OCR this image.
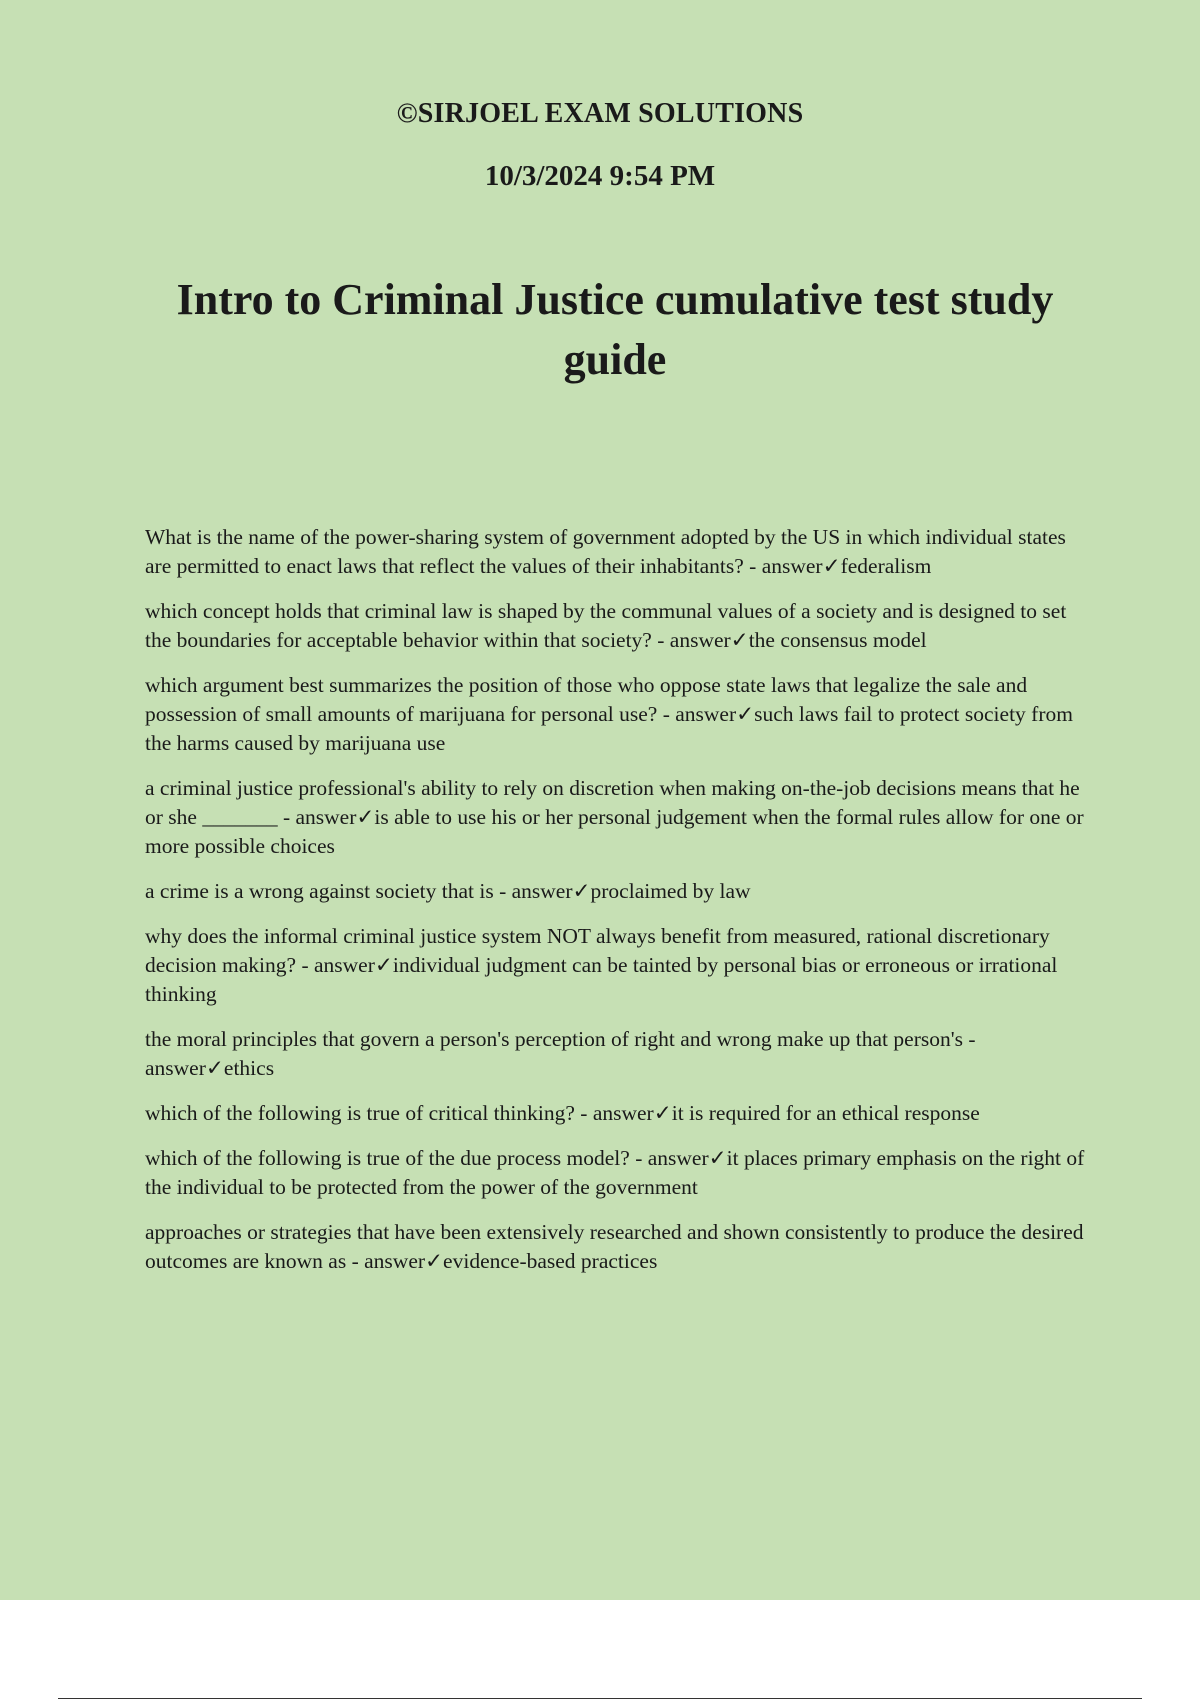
©SIRJOEL EXAM SOLUTIONS
10/3/2024 9:54 PM
Intro to Criminal Justice cumulative test study guide
What is the name of the power-sharing system of government adopted by the US in which individual states are permitted to enact laws that reflect the values of their inhabitants? - answer✓federalism
which concept holds that criminal law is shaped by the communal values of a society and is designed to set the boundaries for acceptable behavior within that society? - answer✓the consensus model
which argument best summarizes the position of those who oppose state laws that legalize the sale and possession of small amounts of marijuana for personal use? - answer✓such laws fail to protect society from the harms caused by marijuana use
a criminal justice professional's ability to rely on discretion when making on-the-job decisions means that he or she _______ - answer✓is able to use his or her personal judgement when the formal rules allow for one or more possible choices
a crime is a wrong against society that is - answer✓proclaimed by law
why does the informal criminal justice system NOT always benefit from measured, rational discretionary decision making? - answer✓individual judgment can be tainted by personal bias or erroneous or irrational thinking
the moral principles that govern a person's perception of right and wrong make up that person's - answer✓ethics
which of the following is true of critical thinking? - answer✓it is required for an ethical response
which of the following is true of the due process model? - answer✓it places primary emphasis on the right of the individual to be protected from the power of the government
approaches or strategies that have been extensively researched and shown consistently to produce the desired outcomes are known as - answer✓evidence-based practices
